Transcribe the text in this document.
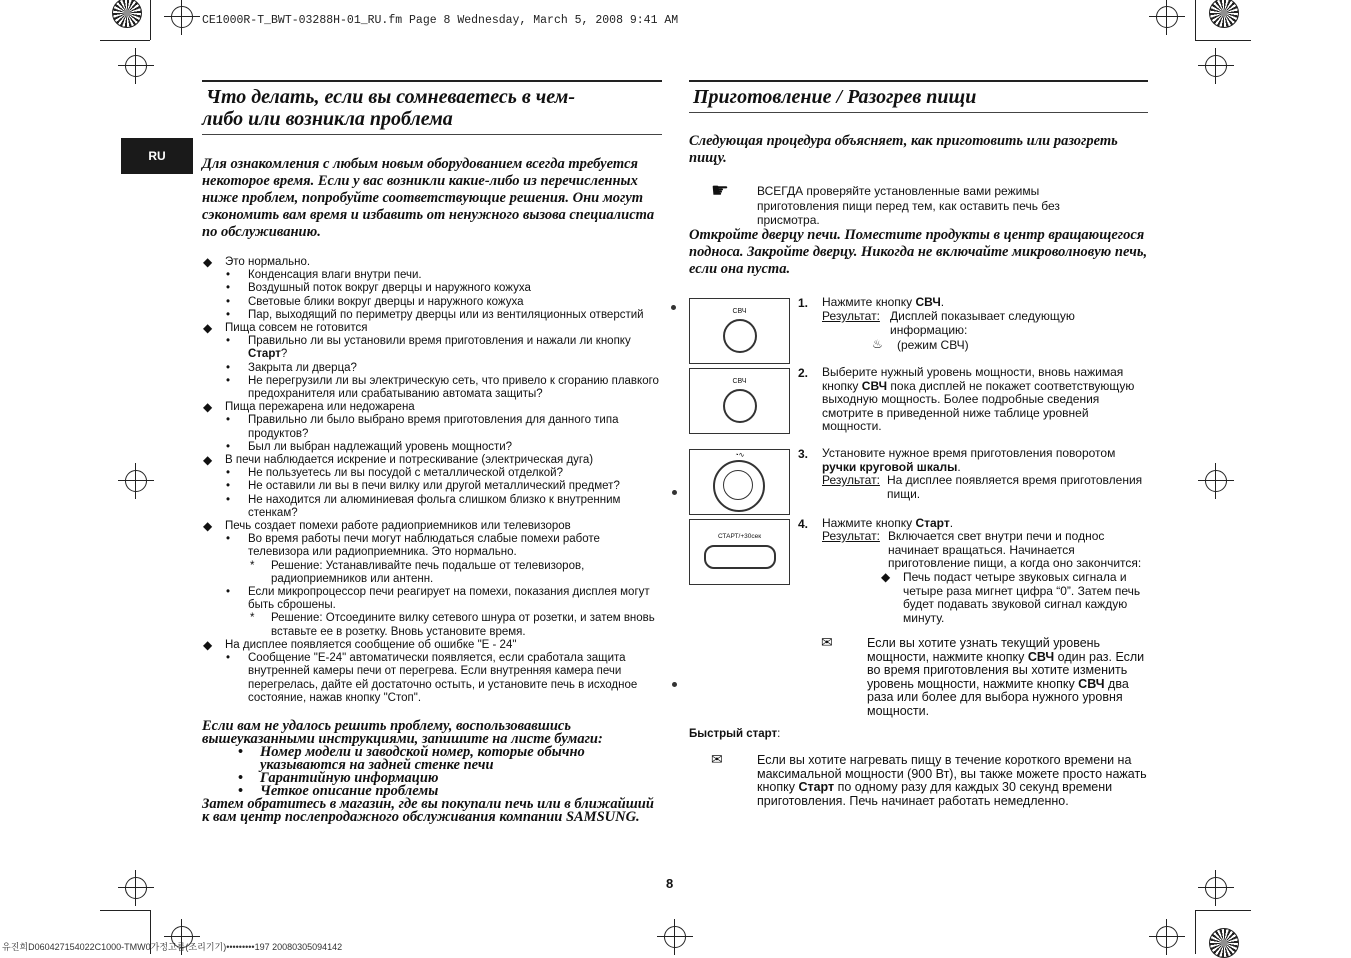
CE1000R-T_BWT-03288H-01_RU.fm Page 8 Wednesday, March 5, 2008 9:41 AM
RU
Что делать, если вы сомневаетесь в чем-
либо или возникла проблема
Для ознакомления с любым новым оборудованием всегда требуется некоторое время. Если у вас возникли какие-либо из перечисленных ниже проблем, попробуйте соответствующие решения. Они могут сэкономить вам время и избавить от ненужного вызова специалиста по обслуживанию.
◆ Это нормально.
• Конденсация влаги внутри печи.
• Воздушный поток вокруг дверцы и наружного кожуха
• Световые блики вокруг дверцы и наружного кожуха
• Пар, выходящий по периметру дверцы или из вентиляционных отверстий
◆ Пища совсем не готовится
• Правильно ли вы установили время приготовления и нажали ли кнопку Старт?
• Закрыта ли дверца?
• Не перегрузили ли вы электрическую сеть, что привело к сгоранию плавкого предохранителя или срабатыванию автомата защиты?
◆ Пища пережарена или недожарена
• Правильно ли было выбрано время приготовления для данного типа продуктов?
• Был ли выбран надлежащий уровень мощности?
◆ В печи наблюдается искрение и потрескивание (электрическая дуга)
• Не пользуетесь ли вы посудой с металлической отделкой?
• Не оставили ли вы в печи вилку или другой металлический предмет?
• Не находится ли алюминиевая фольга слишком близко к внутренним стенкам?
◆ Печь создает помехи работе радиоприемников или телевизоров
• Во время работы печи могут наблюдаться слабые помехи работе телевизора или радиоприемника. Это нормально.
* Решение: Устанавливайте печь подальше от телевизоров, радиоприемников или антенн.
• Если микропроцессор печи реагирует на помехи, показания дисплея могут быть сброшены.
* Решение: Отсоедините вилку сетевого шнура от розетки, и затем вновь вставьте ее в розетку. Вновь установите время.
◆ На дисплее появляется сообщение об ошибке "E - 24"
• Сообщение "E-24" автоматически появляется, если сработала защита внутренней камеры печи от перегрева. Если внутренняя камера печи перегрелась, дайте ей достаточно остыть, и установите печь в исходное состояние, нажав кнопку "Стоп".
Если вам не удалось решить проблему, воспользовавшись
вышеуказанными инструкциями, запишите на листе бумаги:
• Номер модели и заводской номер, которые обычно указываются на задней стенке печи
• Гарантийную информацию
• Четкое описание проблемы
Затем обратитесь в магазин, где вы покупали печь или в ближайший к вам центр послепродажного обслуживания компании SAMSUNG.
Приготовление / Разогрев пищи
Следующая процедура объясняет, как приготовить или разогреть пищу.
☛ ВСЕГДА проверяйте установленные вами режимы приготовления пищи перед тем, как оставить печь без присмотра.
Откройте дверцу печи. Поместите продукты в центр вращающегося подноса. Закройте дверцу. Никогда не включайте микроволновую печь, если она пуста.
СВЧ
СВЧ
◔∿
СТАРТ/+30сек
1. Нажмите кнопку СВЧ.
Результат: Дисплей показывает следующую информацию:
♨ (режим СВЧ)
2. Выберите нужный уровень мощности, вновь нажимая кнопку СВЧ пока дисплей не покажет соответствующую выходную мощность. Более подробные сведения смотрите в приведенной ниже таблице уровней мощности.
3. Установите нужное время приготовления поворотом ручки круговой шкалы.
Результат: На дисплее появляется время приготовления пищи.
4. Нажмите кнопку Старт.
Результат: Включается свет внутри печи и поднос начинает вращаться. Начинается приготовление пищи, а когда оно закончится:
◆ Печь подаст четыре звуковых сигнала и четыре раза мигнет цифра “0”. Затем печь будет подавать звуковой сигнал каждую минуту.
✉	Если вы хотите узнать текущий уровень мощности, нажмите кнопку СВЧ один раз. Если во время приготовления вы хотите изменить уровень мощности, нажмите кнопку СВЧ два раза или более для выбора нужного уровня мощности.
Быстрый старт:
✉	Если вы хотите нагревать пищу в течение короткого времени на максимальной мощности (900 Вт), вы также можете просто нажать кнопку Старт по одному разу для каждых 30 секунд времени приготовления. Печь начинает работать немедленно.
8
유진희D060427154022C1000-TMW0가정고름(조리기기)•••••••••197 20080305094142
